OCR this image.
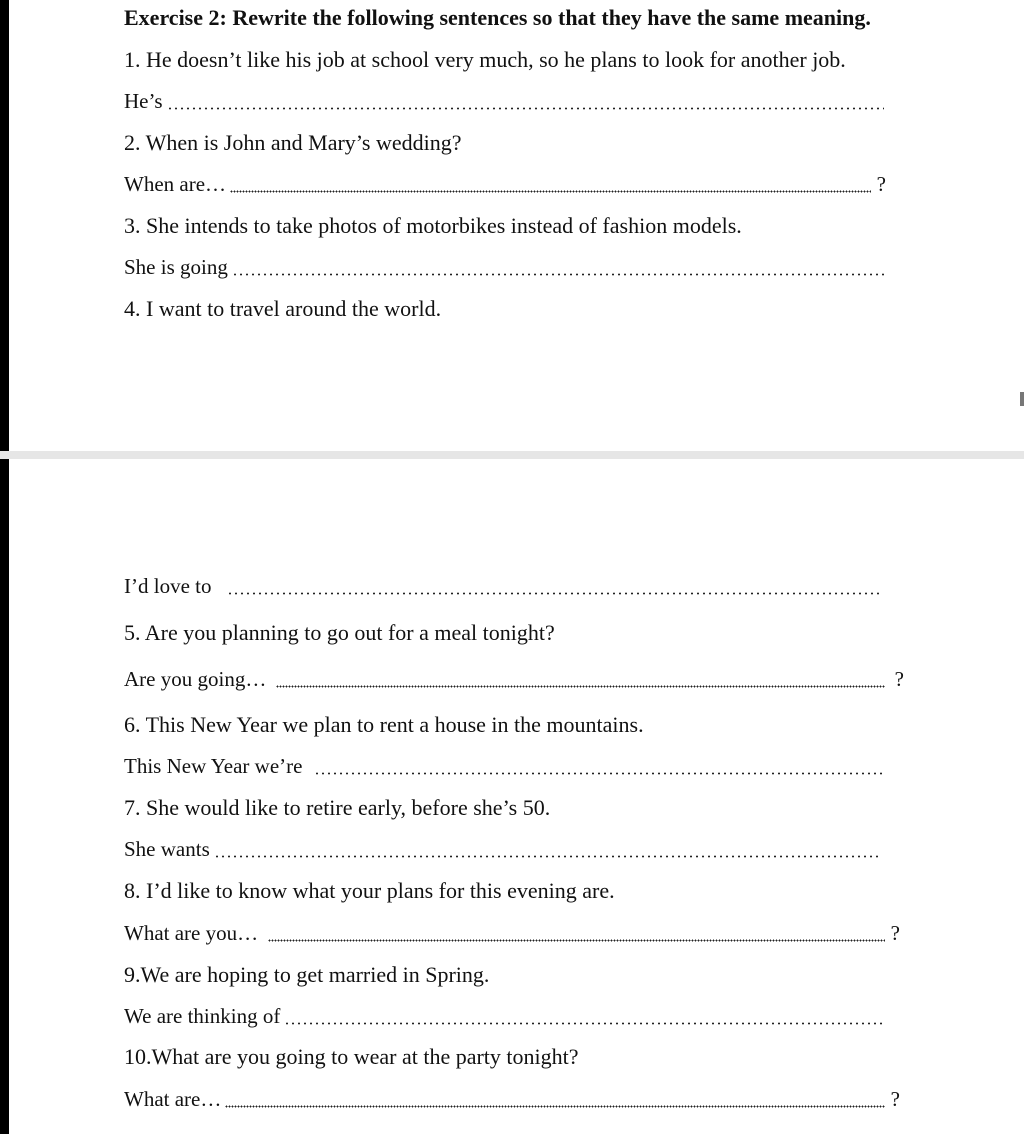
Exercise 2: Rewrite the following sentences so that they have the same meaning.
1. He doesn’t like his job at school very much, so he plans to look for another job.
He’s
2. When is John and Mary’s wedding?
When are…	?
3. She intends to take photos of motorbikes instead of fashion models.
She is going
4. I want to travel around the world.
I’d love to
5. Are you planning to go out for a meal tonight?
Are you going…	?
6. This New Year we plan to rent a house in the mountains.
This New Year we’re
7. She would like to retire early, before she’s 50.
She wants
8. I’d like to know what your plans for this evening are.
What are you…	?
9.We are hoping to get married in Spring.
We are thinking of
10.What are you going to wear at the party tonight?
What are…	?
